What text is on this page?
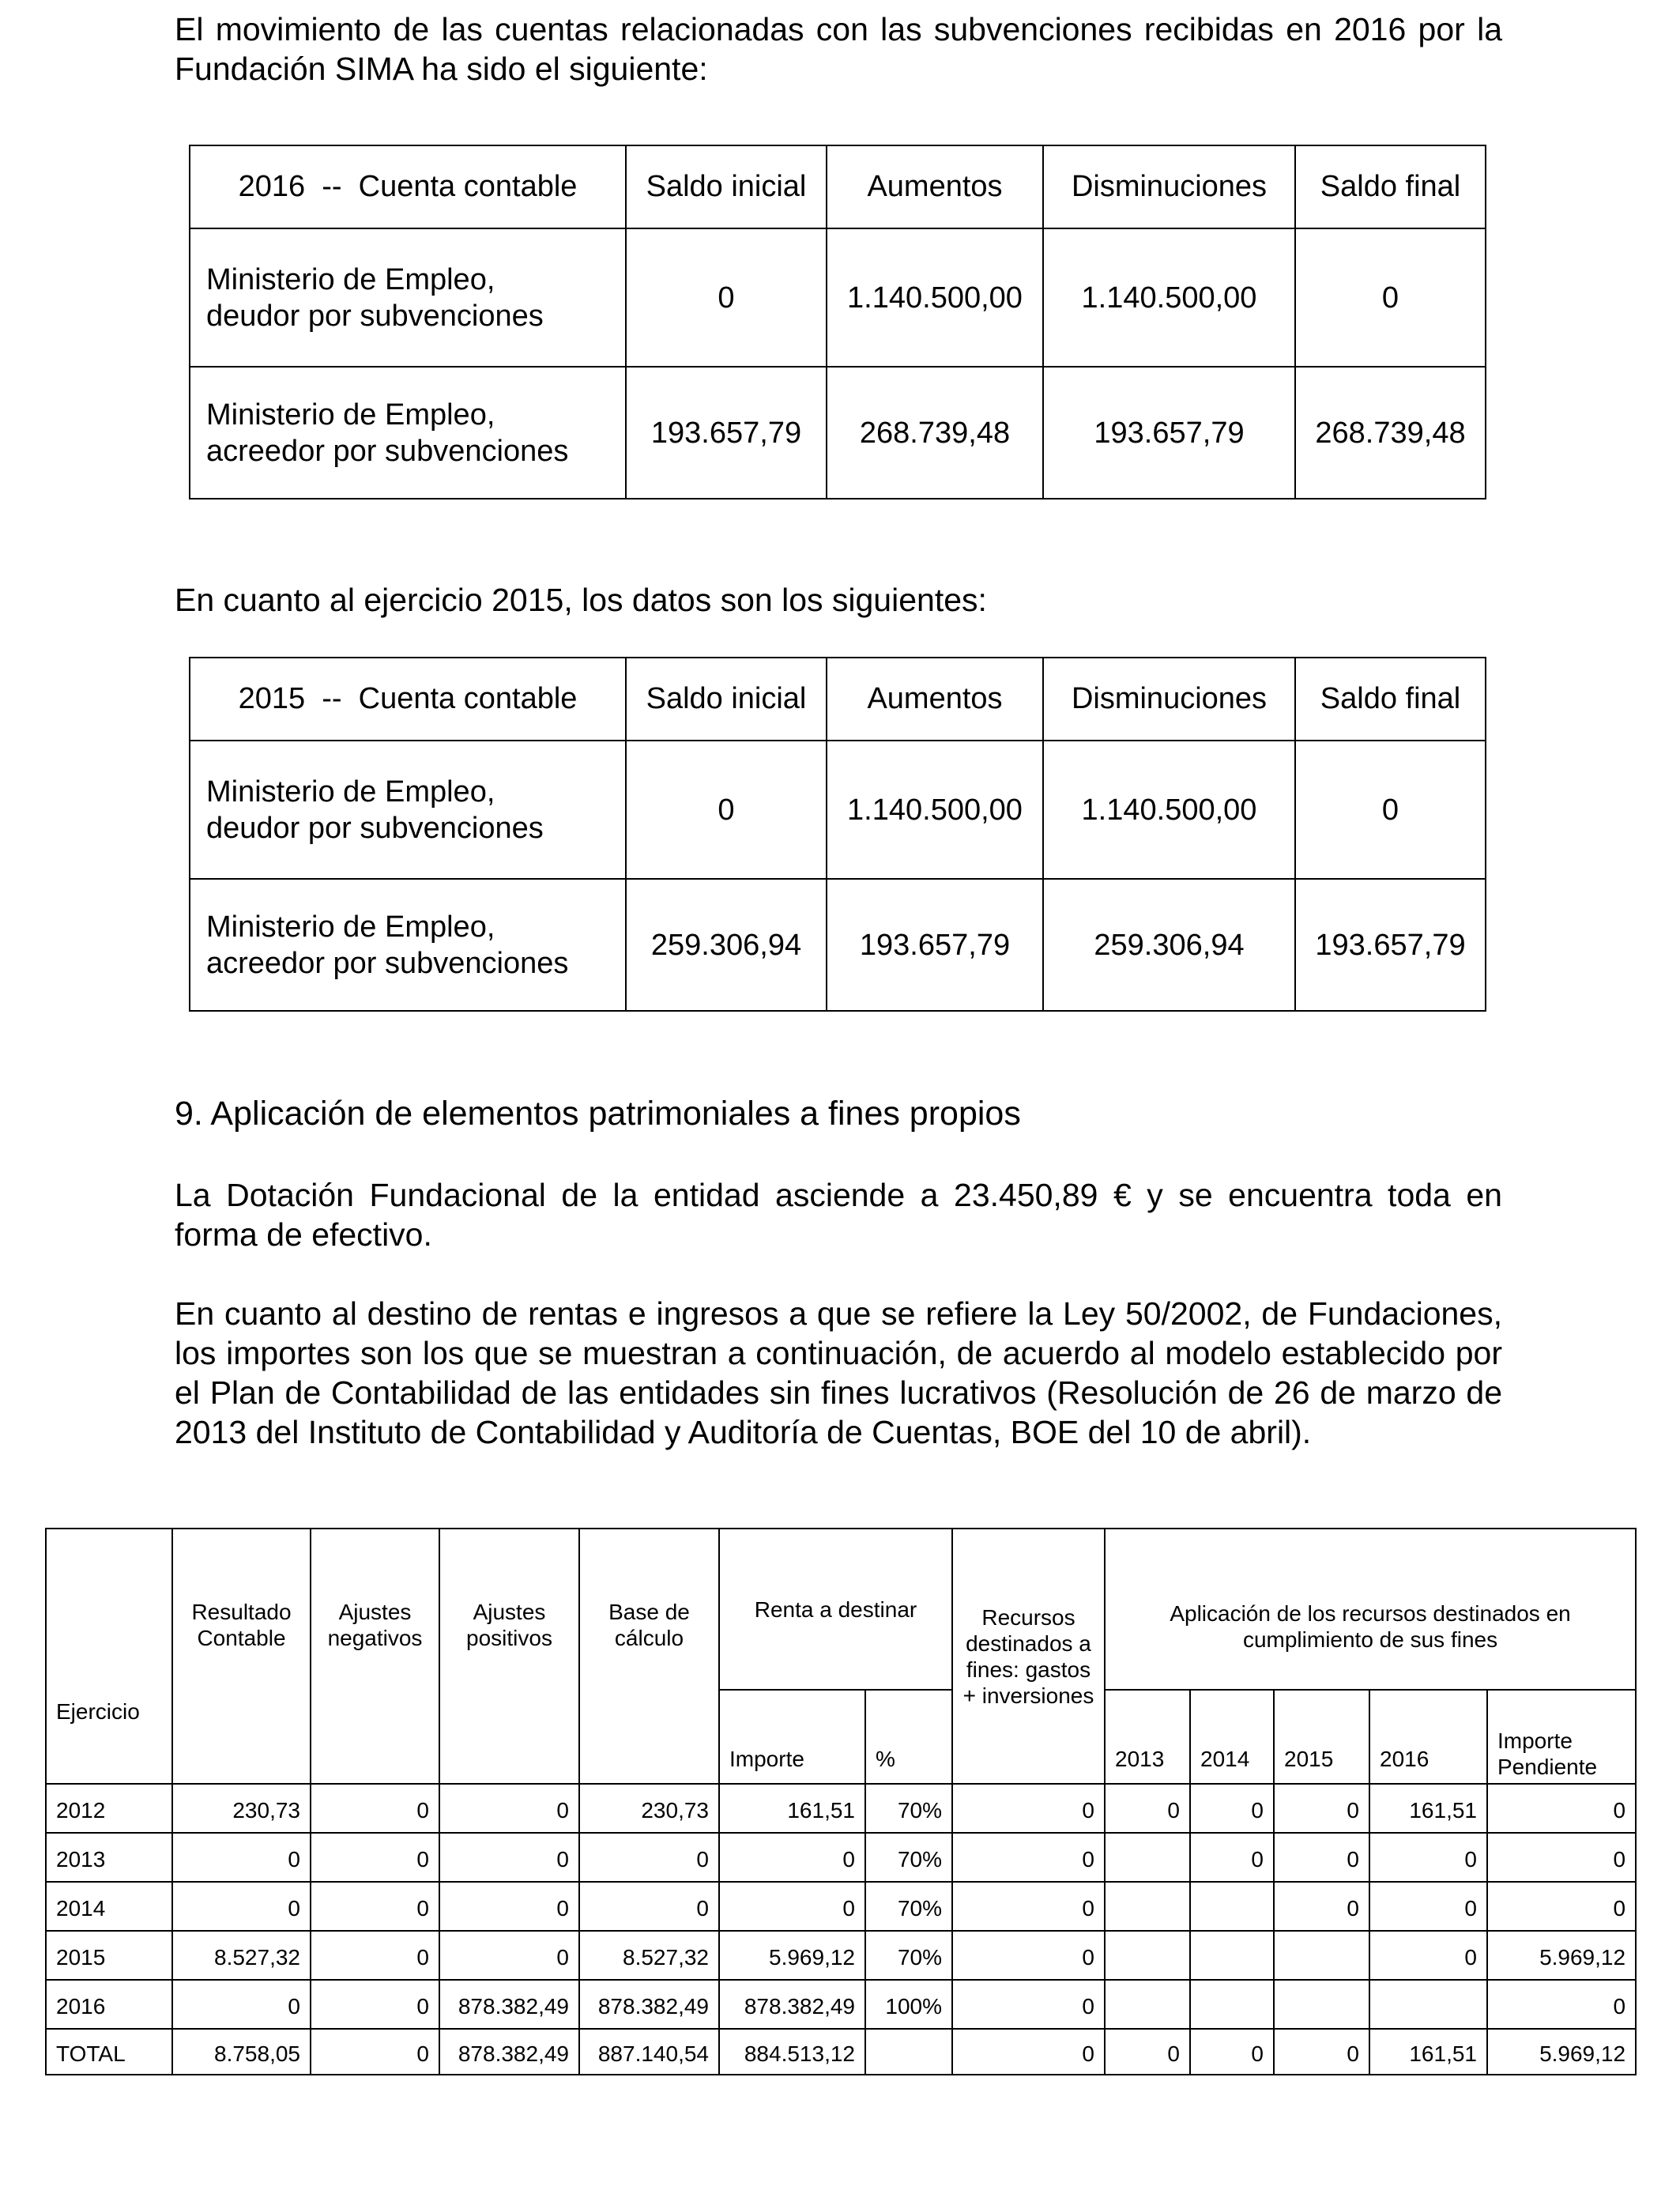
El movimiento de las cuentas relacionadas con las subvenciones recibidas en 2016 por la Fundación SIMA ha sido el siguiente:

2016  --  Cuenta contable	Saldo inicial	Aumentos	Disminuciones	Saldo final
Ministerio de Empleo,
deudor por subvenciones	0	1.140.500,00	1.140.500,00	0
Ministerio de Empleo,
acreedor por subvenciones	193.657,79	268.739,48	193.657,79	268.739,48

En cuanto al ejercicio 2015, los datos son los siguientes:

2015  --  Cuenta contable	Saldo inicial	Aumentos	Disminuciones	Saldo final
Ministerio de Empleo,
deudor por subvenciones	0	1.140.500,00	1.140.500,00	0
Ministerio de Empleo,
acreedor por subvenciones	259.306,94	193.657,79	259.306,94	193.657,79
9. Aplicación de elementos patrimoniales a fines propios

La Dotación Fundacional de la entidad asciende a 23.450,89 € y se encuentra toda en forma de efectivo.

En cuanto al destino de rentas e ingresos a que se refiere la Ley 50/2002, de Fundaciones, los importes son los que se muestran a continuación, de acuerdo al modelo establecido por el Plan de Contabilidad de las entidades sin fines lucrativos (Resolución de 26 de marzo de 2013 del Instituto de Contabilidad y Auditoría de Cuentas, BOE del 10 de abril).

Ejercicio	Resultado Contable	Ajustes negativos	Ajustes positivos	Base de cálculo	Renta a destinar		Recursos destinados a fines: gastos + inversiones	Aplicación de los recursos destinados en cumplimiento de sus fines				
					Importe	%		2013	2014	2015	2016	Importe Pendiente
2012	230,73	0	0	230,73	161,51	70%	0	0	0	0	161,51	0
2013	0	0	0	0	0	70%	0		0	0	0	0
2014	0	0	0	0	0	70%	0			0	0	0
2015	8.527,32	0	0	8.527,32	5.969,12	70%	0				0	5.969,12
2016	0	0	878.382,49	878.382,49	878.382,49	100%	0					0
TOTAL	8.758,05	0	878.382,49	887.140,54	884.513,12		0	0	0	0	161,51	5.969,12
